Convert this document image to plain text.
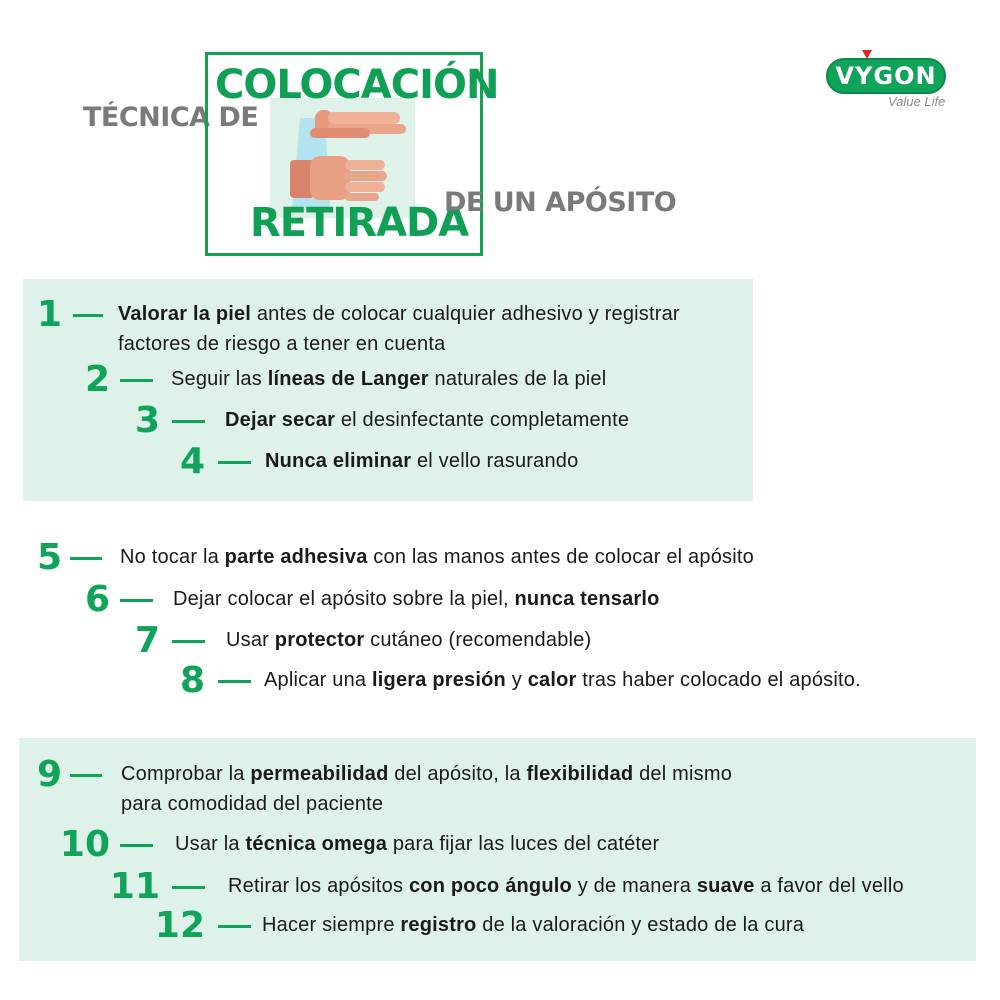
TÉCNICA DE
COLOCACIÓN
RETIRADA
DE UN APÓSITO
VYGON
Value Life
1	Valorar la piel antes de colocar cualquier adhesivo y registrar
factores de riesgo a tener en cuenta
2	Seguir las líneas de Langer naturales de la piel
3	Dejar secar el desinfectante completamente
4	Nunca eliminar el vello rasurando
5	No tocar la parte adhesiva con las manos antes de colocar el apósito
6	Dejar colocar el apósito sobre la piel, nunca tensarlo
7	Usar protector cutáneo (recomendable)
8	Aplicar una ligera presión y calor tras haber colocado el apósito.
9	Comprobar la permeabilidad del apósito, la flexibilidad del mismo
para comodidad del paciente
10	Usar la técnica omega para fijar las luces del catéter
11	Retirar los apósitos con poco ángulo y de manera suave a favor del vello
12	Hacer siempre registro de la valoración y estado de la cura
